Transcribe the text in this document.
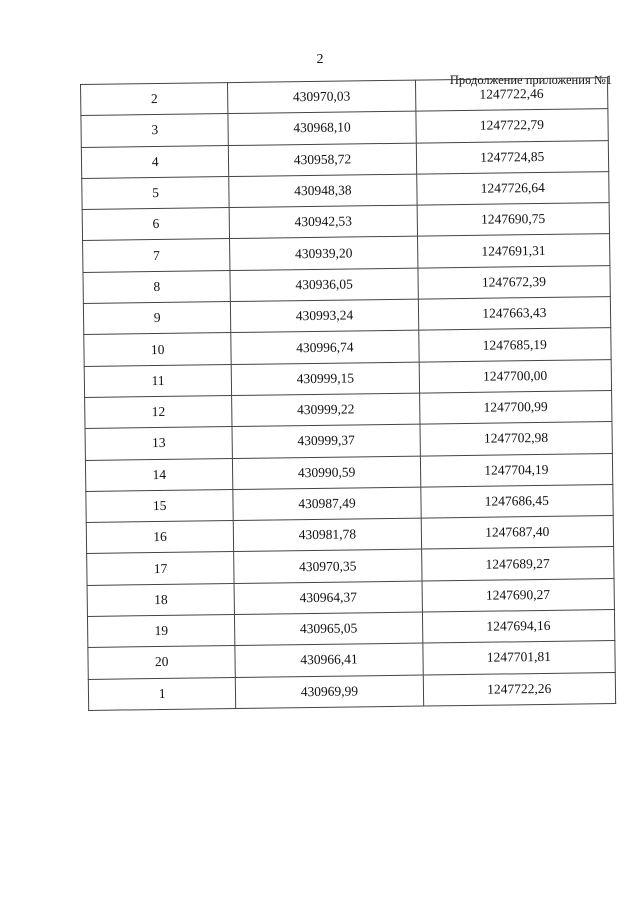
2
Продолжение приложения №1
2	430970,03	1247722,46
3	430968,10	1247722,79
4	430958,72	1247724,85
5	430948,38	1247726,64
6	430942,53	1247690,75
7	430939,20	1247691,31
8	430936,05	1247672,39
9	430993,24	1247663,43
10	430996,74	1247685,19
11	430999,15	1247700,00
12	430999,22	1247700,99
13	430999,37	1247702,98
14	430990,59	1247704,19
15	430987,49	1247686,45
16	430981,78	1247687,40
17	430970,35	1247689,27
18	430964,37	1247690,27
19	430965,05	1247694,16
20	430966,41	1247701,81
1	430969,99	1247722,26
